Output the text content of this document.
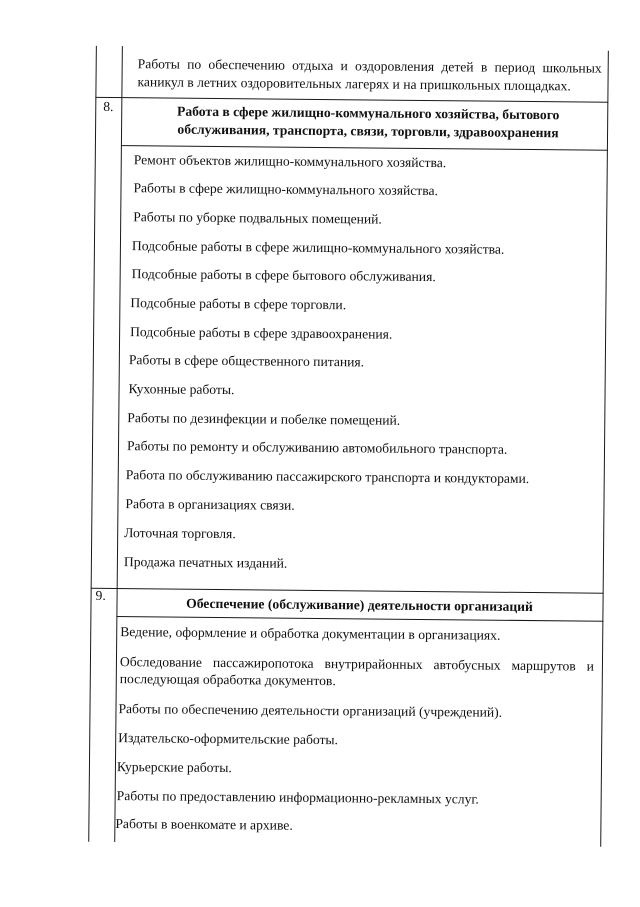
Работы по обеспечению отдыха и оздоровления детей в период школьных
каникул в летних оздоровительных лагерях и на пришкольных площадках.
8.	Работа в сфере жилищно-коммунального хозяйства, бытового
обслуживания, транспорта, связи, торговли, здравоохранения
Ремонт объектов жилищно-коммунального хозяйства.
Работы в сфере жилищно-коммунального хозяйства.
Работы по уборке подвальных помещений.
Подсобные работы в сфере жилищно-коммунального хозяйства.
Подсобные работы в сфере бытового обслуживания.
Подсобные работы в сфере торговли.
Подсобные работы в сфере здравоохранения.
Работы в сфере общественного питания.
Кухонные работы.
Работы по дезинфекции и побелке помещений.
Работы по ремонту и обслуживанию автомобильного транспорта.
Работа по обслуживанию пассажирского транспорта и кондукторами.
Работа в организациях связи.
Лоточная торговля.
Продажа печатных изданий.
9.
Обеспечение (обслуживание) деятельности организаций
Ведение, оформление и обработка документации в организациях.
Обследование пассажиропотока внутрирайонных автобусных маршрутов и
последующая обработка документов.
Работы по обеспечению деятельности организаций (учреждений).
Издательско-оформительские работы.
Курьерские работы.
Работы по предоставлению информационно-рекламных услуг.
Работы в военкомате и архиве.
